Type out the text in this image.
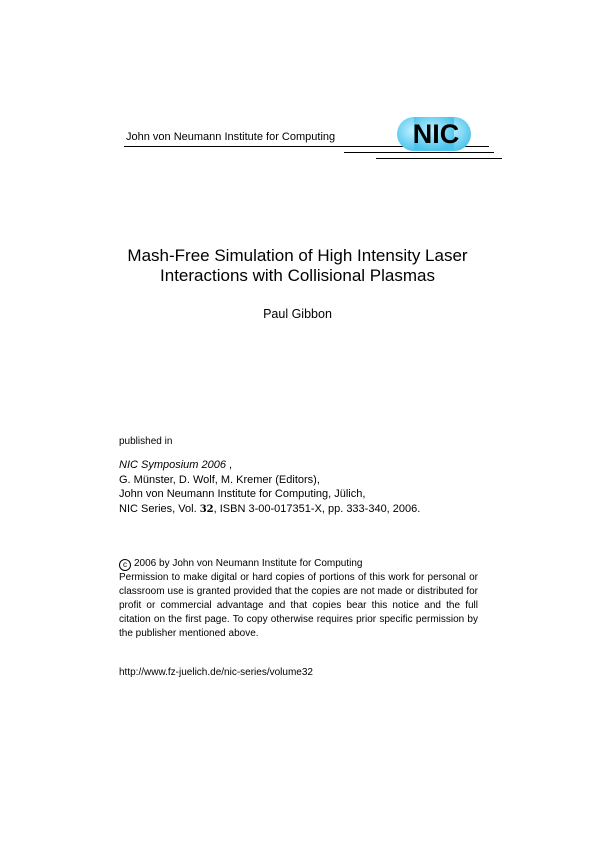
John von Neumann Institute for Computing	NIC
Mash-Free Simulation of High Intensity Laser
Interactions with Collisional Plasmas
Paul Gibbon
published in
NIC Symposium 2006 ,
G. Münster, D. Wolf, M. Kremer (Editors),
John von Neumann Institute for Computing, Jülich,
NIC Series, Vol. 32, ISBN 3-00-017351-X, pp. 333-340, 2006.
c 2006 by John von Neumann Institute for Computing
Permission to make digital or hard copies of portions of this work for personal or classroom use is granted provided that the copies are not made or distributed for profit or commercial advantage and that copies bear this notice and the full citation on the first page. To copy otherwise requires prior specific permission by the publisher mentioned above.
http://www.fz-juelich.de/nic-series/volume32
